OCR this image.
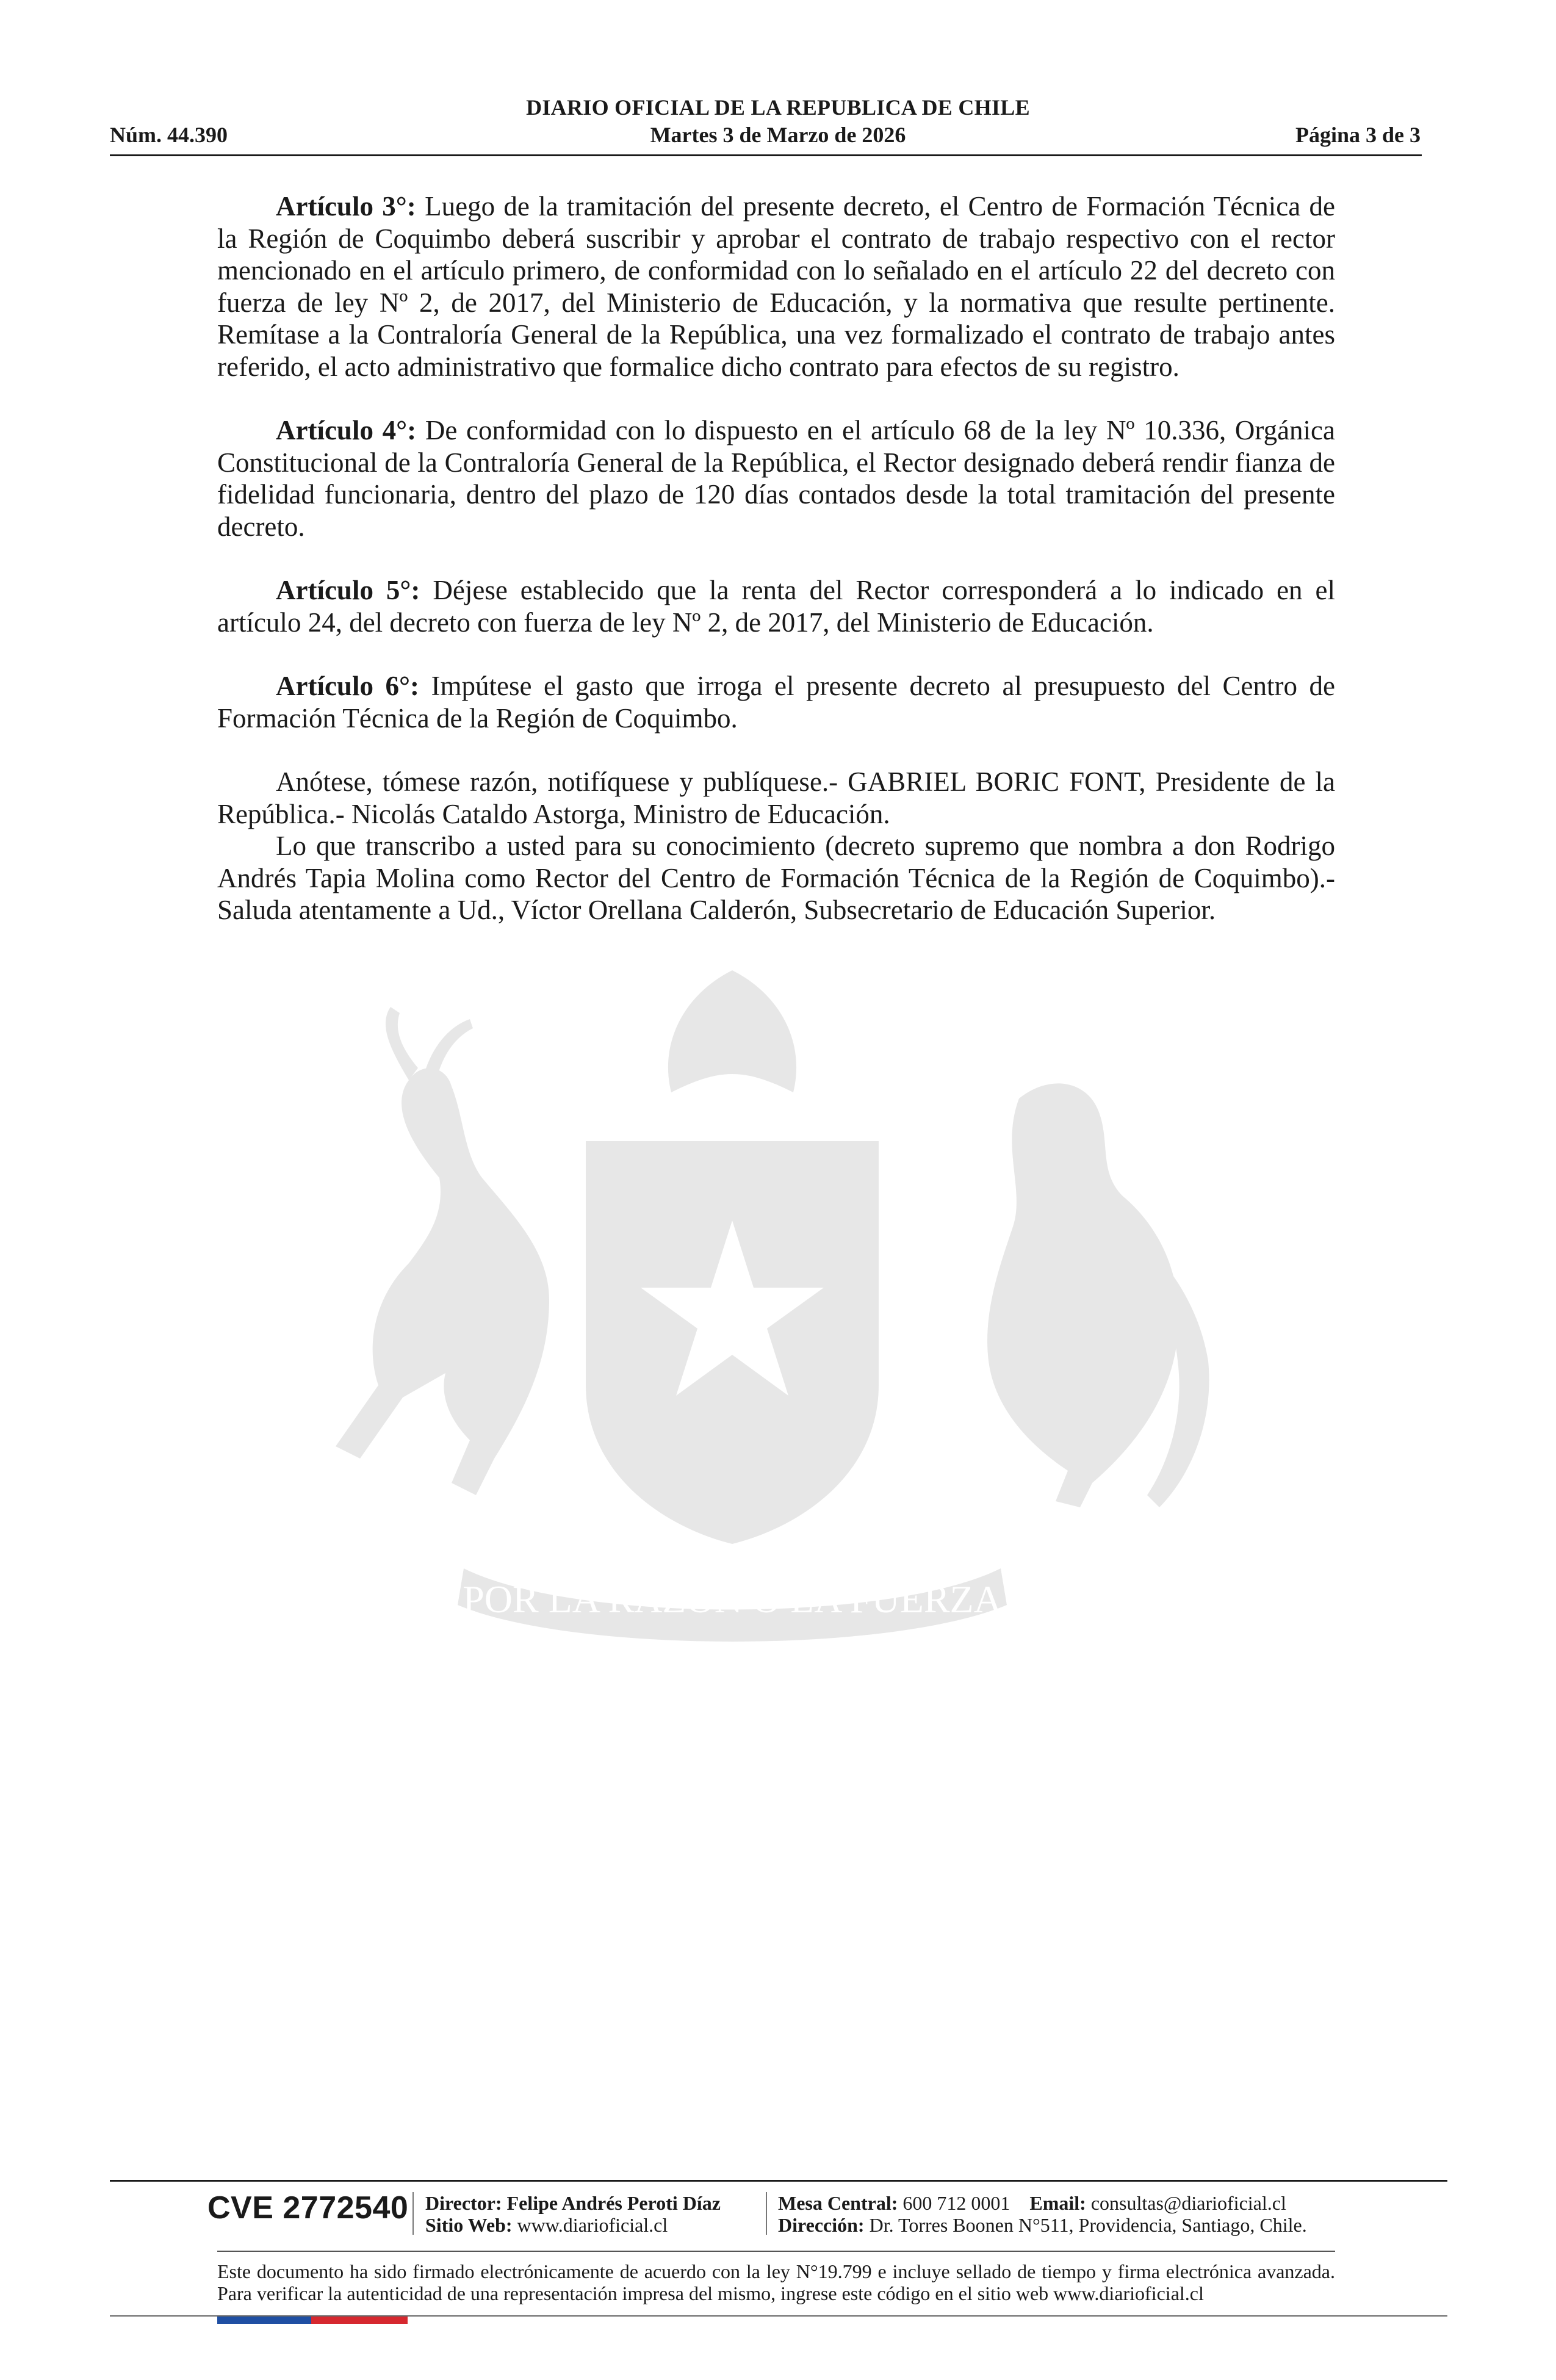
DIARIO OFICIAL DE LA REPUBLICA DE CHILE
Núm. 44.390	Martes 3 de Marzo de 2026	Página 3 de 3
POR LA RAZÓN O LA FUERZA

Artículo 3°: Luego de la tramitación del presente decreto, el Centro de Formación Técnica de la Región de Coquimbo deberá suscribir y aprobar el contrato de trabajo respectivo con el rector mencionado en el artículo primero, de conformidad con lo señalado en el artículo 22 del decreto con fuerza de ley Nº 2, de 2017, del Ministerio de Educación, y la normativa que resulte pertinente. Remítase a la Contraloría General de la República, una vez formalizado el contrato de trabajo antes referido, el acto administrativo que formalice dicho contrato para efectos de su registro.

Artículo 4°: De conformidad con lo dispuesto en el artículo 68 de la ley Nº 10.336, Orgánica Constitucional de la Contraloría General de la República, el Rector designado deberá rendir fianza de fidelidad funcionaria, dentro del plazo de 120 días contados desde la total tramitación del presente decreto.

Artículo 5°: Déjese establecido que la renta del Rector corresponderá a lo indicado en el artículo 24, del decreto con fuerza de ley Nº 2, de 2017, del Ministerio de Educación.

Artículo 6°: Impútese el gasto que irroga el presente decreto al presupuesto del Centro de Formación Técnica de la Región de Coquimbo.

Anótese, tómese razón, notifíquese y publíquese.- GABRIEL BORIC FONT, Presidente de la República.- Nicolás Cataldo Astorga, Ministro de Educación.

Lo que transcribo a usted para su conocimiento (decreto supremo que nombra a don Rodrigo Andrés Tapia Molina como Rector del Centro de Formación Técnica de la Región de Coquimbo).- Saluda atentamente a Ud., Víctor Orellana Calderón, Subsecretario de Educación Superior.

CVE 2772540 Director: Felipe Andrés Peroti Díaz
Sitio Web: www.diarioficial.cl
Mesa Central: 600 712 0001 Email: consultas@diarioficial.cl
Dirección: Dr. Torres Boonen N°511, Providencia, Santiago, Chile.
Este documento ha sido firmado electrónicamente de acuerdo con la ley N°19.799 e incluye sellado de tiempo y firma electrónica avanzada. Para verificar la autenticidad de una representación impresa del mismo, ingrese este código en el sitio web www.diarioficial.cl
